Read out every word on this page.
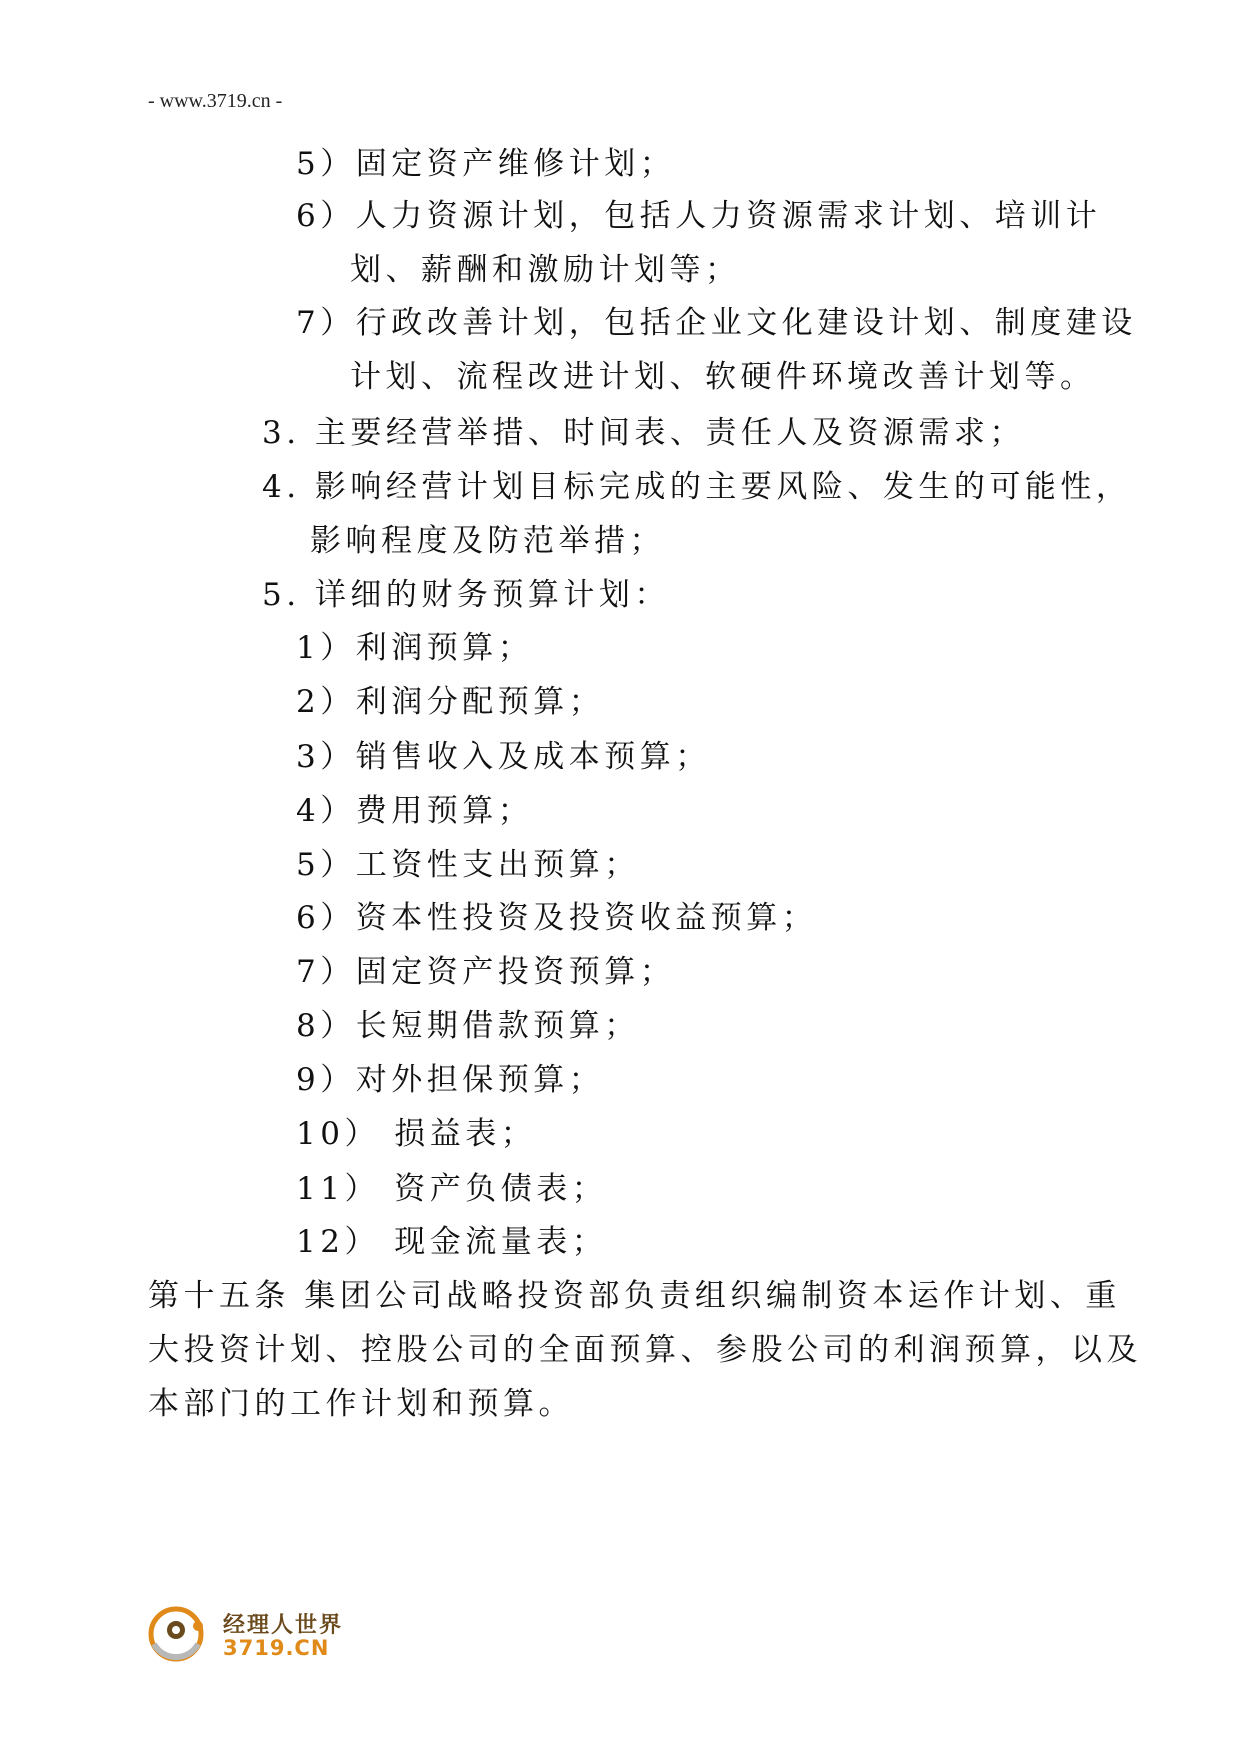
- www.3719.cn -
5）固定资产维修计划；
6）人力资源计划，包括人力资源需求计划、培训计
划、薪酬和激励计划等；
7）行政改善计划，包括企业文化建设计划、制度建设
计划、流程改进计划、软硬件环境改善计划等。
3. 主要经营举措、时间表、责任人及资源需求；
4. 影响经营计划目标完成的主要风险、发生的可能性，
影响程度及防范举措；
5. 详细的财务预算计划：
1）利润预算；
2）利润分配预算；
3）销售收入及成本预算；
4）费用预算；
5）工资性支出预算；
6）资本性投资及投资收益预算；
7）固定资产投资预算；
8）长短期借款预算；
9）对外担保预算；
10） 损益表；
11） 资产负债表；
12） 现金流量表；
第十五条 集团公司战略投资部负责组织编制资本运作计划、重
大投资计划、控股公司的全面预算、参股公司的利润预算，以及
本部门的工作计划和预算。
经理人世界
3719.CN
